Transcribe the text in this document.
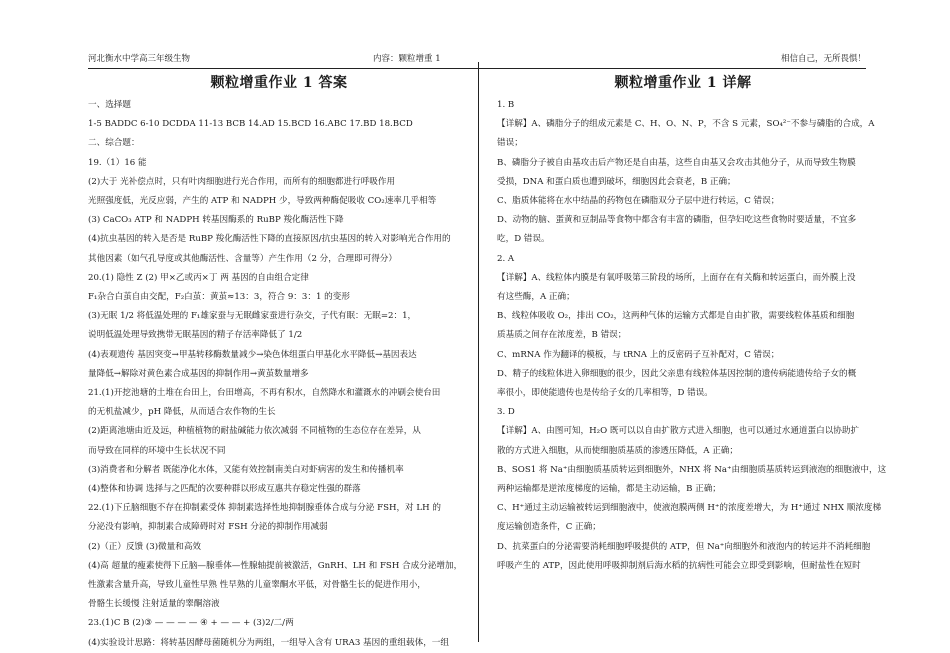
河北衡水中学高三年级生物	内容：颗粒增重 1	相信自己，无所畏惧！
颗粒增重作业 1 答案
一、选择题
1-5 BADDC 6-10 DCDDA 11-13 BCB 14.AD 15.BCD 16.ABC 17.BD 18.BCD
二、综合题：
19.（1）16 能
(2)大于 光补偿点时，只有叶肉细胞进行光合作用，而所有的细胞都进行呼吸作用
光照强度低，光反应弱，产生的 ATP 和 NADPH 少，导致两种酶促吸收 CO₂速率几乎相等
(3) CaCO₃ ATP 和 NADPH 转基因酶系的 RuBP 羧化酶活性下降
(4)抗虫基因的转入是否是 RuBP 羧化酶活性下降的直接原因/抗虫基因的转入对影响光合作用的
其他因素（如气孔导度或其他酶活性、含量等）产生作用（2 分，合理即可得分）
20.(1) 隐性 Z (2) 甲×乙或丙×丁 两 基因的自由组合定律
F₁杂合白茧自由交配，F₂白茧：黄茧≈13：3，符合 9：3：1 的变形
(3)无眠 1/2 将低温处理的 F₁雄家蚕与无眠雌家蚕进行杂交，子代有眠：无眠=2：1，
说明低温处理导致携带无眠基因的精子存活率降低了 1/2
(4)表观遗传 基因突变→甲基转移酶数量减少→染色体组蛋白甲基化水平降低→基因表达
量降低→解除对黄色素合成基因的抑制作用→黄茧数量增多
21.(1)开挖池塘的土堆在台田上，台田增高，不再有积水，自然降水和灌溉水的冲刷会使台田
的无机盐减少，pH 降低，从而适合农作物的生长
(2)距离池塘由近及远，种植植物的耐盐碱能力依次减弱 不同植物的生态位存在差异，从
而导致在同样的环境中生长状况不同
(3)消费者和分解者 既能净化水体，又能有效控制南美白对虾病害的发生和传播机率
(4)整体和协调 选择与之匹配的次要种群以形成互惠共存稳定性强的群落
22.(1)下丘脑细胞不存在抑制素受体 抑制素选择性地抑制腺垂体合成与分泌 FSH，对 LH 的
分泌没有影响，抑制素合成障碍时对 FSH 分泌的抑制作用减弱
(2)（正）反馈 (3)微量和高效
(4)高 超量的瘦素使得下丘脑—腺垂体—性腺轴提前被激活，GnRH、LH 和 FSH 合成分泌增加，
性激素含量升高，导致儿童性早熟 性早熟的儿童睾酮水平低，对骨骼生长的促进作用小，
骨骼生长缓慢 注射适量的睾酮溶液
23.(1)C B (2)③ — — — — ④ + — — + (3)2/二/两
(4)实验设计思路：将转基因酵母菌随机分为两组，一组导入含有 URA3 基因的重组载体，一组
颗粒增重作业 1 详解
1. B
【详解】A、磷脂分子的组成元素是 C、H、O、N、P，不含 S 元素，SO₄²⁻不参与磷脂的合成，A
错误；
B、磷脂分子被自由基攻击后产物还是自由基，这些自由基又会攻击其他分子，从而导致生物膜
受损，DNA 和蛋白质也遭到破坏，细胞因此会衰老，B 正确；
C、脂质体能将在水中结晶的药物包在磷脂双分子层中进行转运，C 错误；
D、动物的脑、蛋黄和豆制品等食物中都含有丰富的磷脂，但孕妇吃这些食物时要适量，不宜多
吃，D 错误。
2. A
【详解】A、线粒体内膜是有氧呼吸第三阶段的场所，上面存在有关酶和转运蛋白，而外膜上没
有这些酶，A 正确；
B、线粒体吸收 O₂，排出 CO₂，这两种气体的运输方式都是自由扩散，需要线粒体基质和细胞
质基质之间存在浓度差，B 错误；
C、mRNA 作为翻译的模板，与 tRNA 上的反密码子互补配对，C 错误；
D、精子的线粒体进入卵细胞的很少，因此父亲患有线粒体基因控制的遗传病能遗传给子女的概
率很小，即使能遗传也是传给子女的几率相等，D 错误。
3. D
【详解】A、由图可知，H₂O 既可以以自由扩散方式进入细胞，也可以通过水通道蛋白以协助扩
散的方式进入细胞，从而使细胞质基质的渗透压降低，A 正确；
B、SOS1 将 Na⁺由细胞质基质转运到细胞外，NHX 将 Na⁺由细胞质基质转运到液泡的细胞液中，这
两种运输都是逆浓度梯度的运输，都是主动运输，B 正确；
C、H⁺通过主动运输被转运到细胞液中，使液泡膜两侧 H⁺的浓度差增大，为 H⁺通过 NHX 顺浓度梯
度运输创造条件，C 正确；
D、抗菜蛋白的分泌需要消耗细胞呼吸提供的 ATP，但 Na⁺向细胞外和液泡内的转运并不消耗细胞
呼吸产生的 ATP，因此使用呼吸抑制剂后海水稻的抗病性可能会立即受到影响，但耐盐性在短时
